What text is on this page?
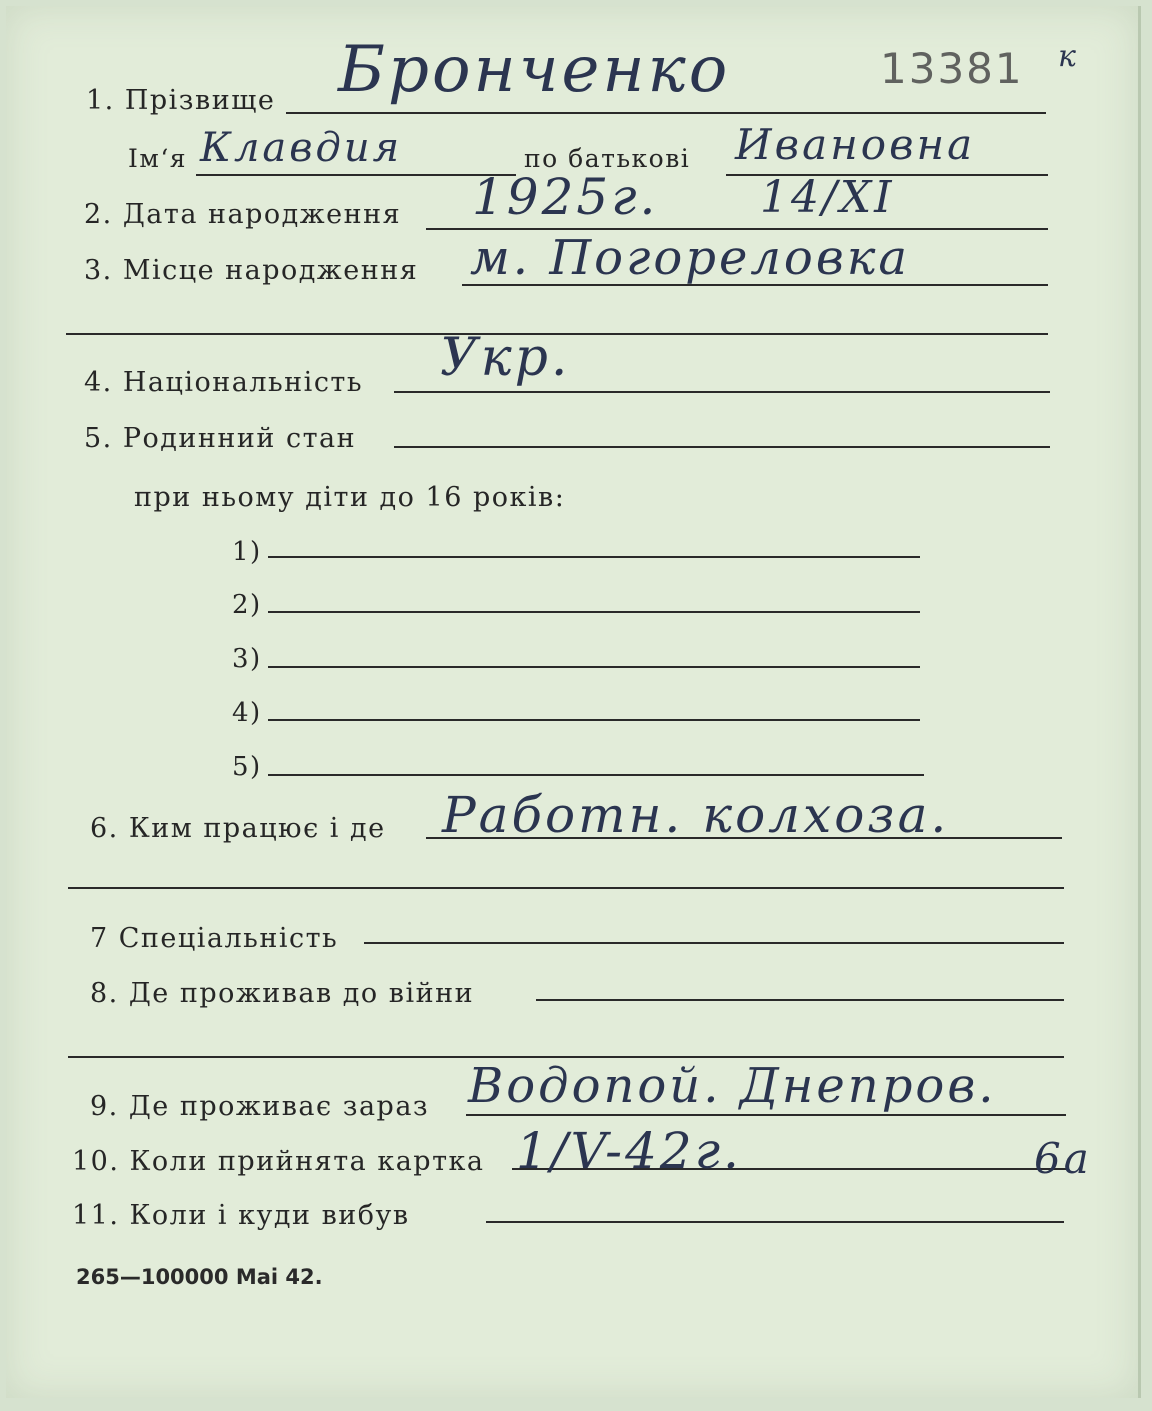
1. Прізвище Бронченко	13381 к
Ім‘я Клавдия	по батькові Ивановна
2. Дата народження 1925г. 14/XI
3. Місце народження м. Погореловка
4. Національність Укр.
5. Родинний стан
при ньому діти до 16 років:
1)
2)
3)
4)
5)
6. Ким працює і де Работн. колхоза.
7 Спеціальність
8. Де проживав до війни
9. Де проживає зараз Водопой. Днепров.
10. Коли прийнята картка 1/V-42г.	6а
11. Коли і куди вибув
265—100000 Mai 42.
